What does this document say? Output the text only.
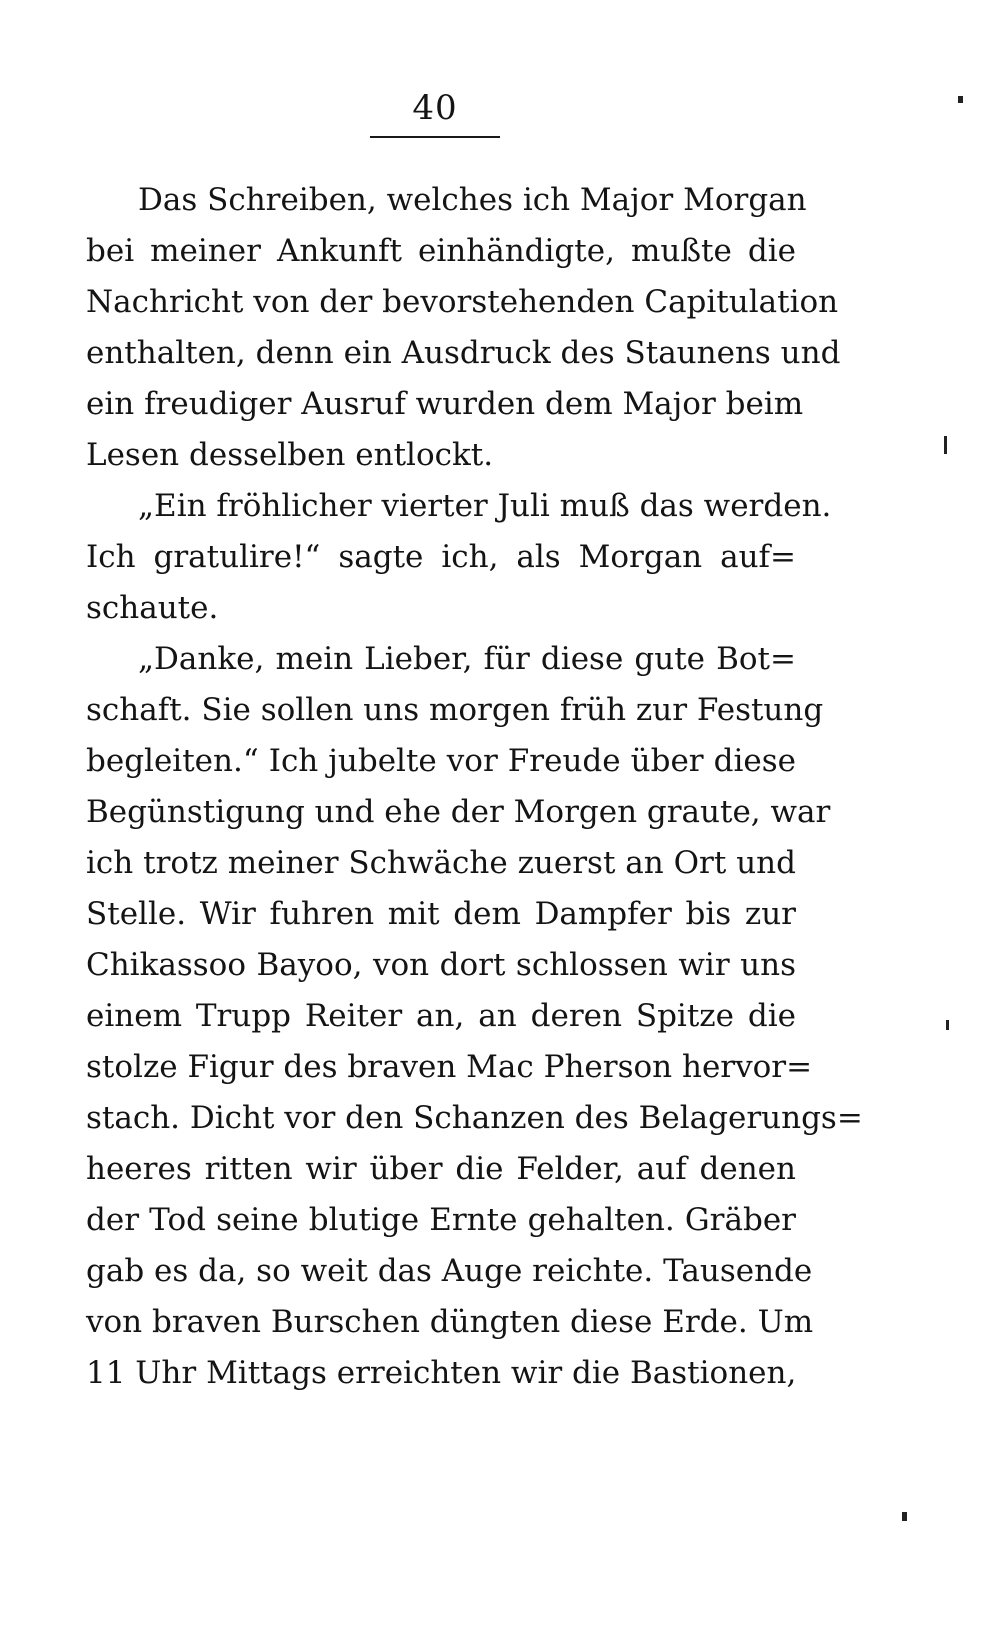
40
Das Schreiben, welches ich Major Morgan
bei meiner Ankunft einhändigte, mußte die
Nachricht von der bevorstehenden Capitulation
enthalten, denn ein Ausdruck des Staunens und
ein freudiger Ausruf wurden dem Major beim
Lesen desselben entlockt.
„Ein fröhlicher vierter Juli muß das werden.
Ich gratulire!“ sagte ich, als Morgan auf=
schaute.
„Danke, mein Lieber, für diese gute Bot=
schaft. Sie sollen uns morgen früh zur Festung
begleiten.“ Ich jubelte vor Freude über diese
Begünstigung und ehe der Morgen graute, war
ich trotz meiner Schwäche zuerst an Ort und
Stelle. Wir fuhren mit dem Dampfer bis zur
Chikassoo Bayoo, von dort schlossen wir uns
einem Trupp Reiter an, an deren Spitze die
stolze Figur des braven Mac Pherson hervor=
stach. Dicht vor den Schanzen des Belagerungs=
heeres ritten wir über die Felder, auf denen
der Tod seine blutige Ernte gehalten. Gräber
gab es da, so weit das Auge reichte. Tausende
von braven Burschen düngten diese Erde. Um
11 Uhr Mittags erreichten wir die Bastionen,
